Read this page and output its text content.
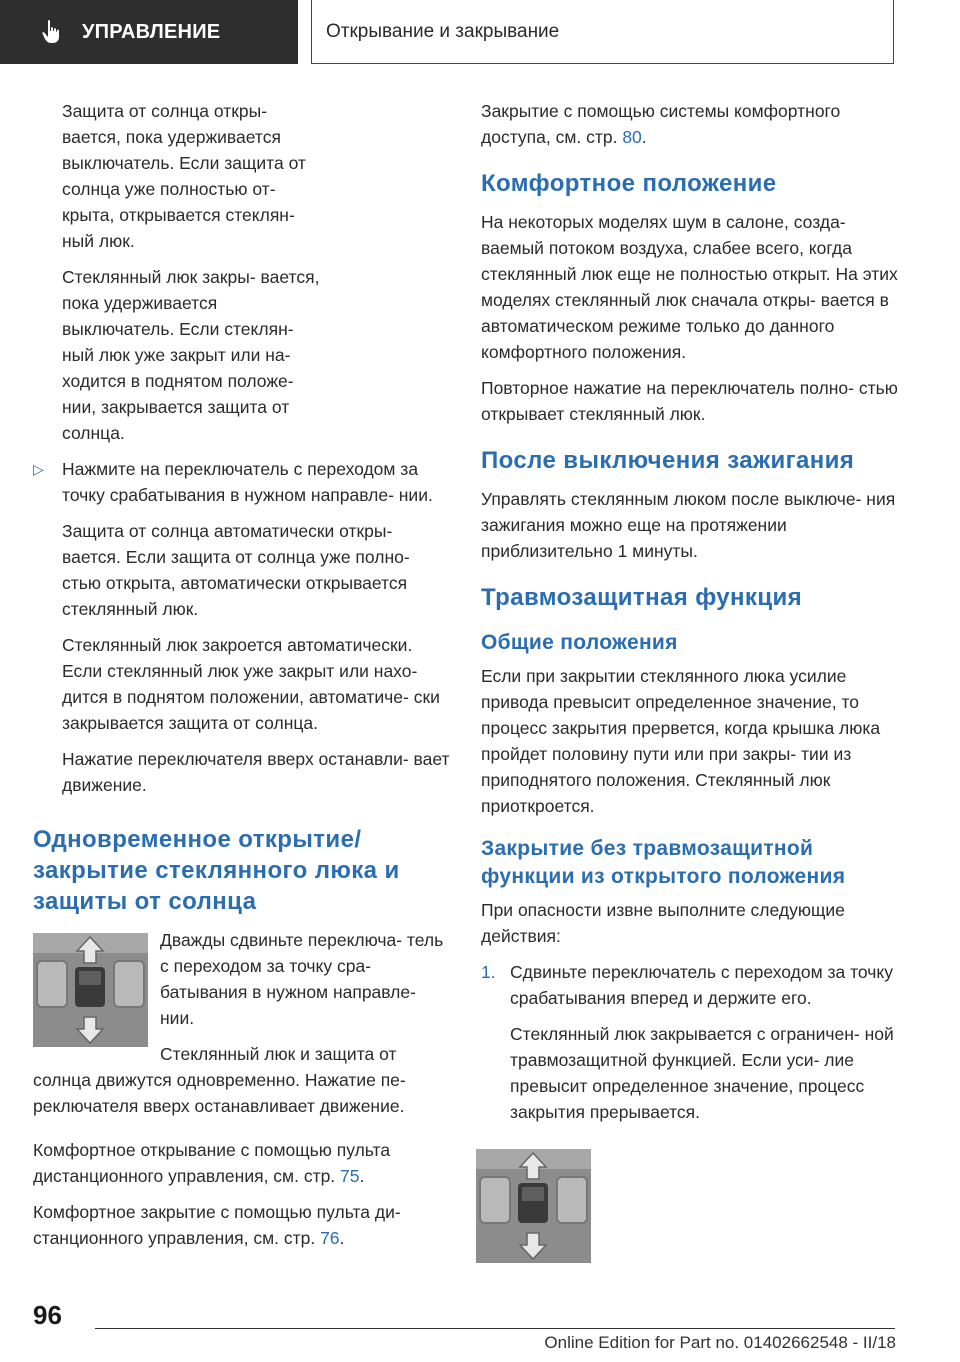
УПРАВЛЕНИЕ	Открывание и закрывание

Защита от солнца откры- вается, пока удерживается выключатель. Если защита от солнца уже полностью от- крыта, открывается стеклян- ный люк.

Стеклянный люк закры- вается, пока удерживается выключатель. Если стеклян- ный люк уже закрыт или на- ходится в поднятом положе- нии, закрывается защита от солнца.

▷	Нажмите на переключатель с переходом за точку срабатывания в нужном направле- нии.

Защита от солнца автоматически откры- вается. Если защита от солнца уже полно- стью открыта, автоматически открывается стеклянный люк.

Стеклянный люк закроется автоматически. Если стеклянный люк уже закрыт или нахо- дится в поднятом положении, автоматиче- ски закрывается защита от солнца.

Нажатие переключателя вверх останавли- вает движение.

Одновременное открытие/ закрытие стеклянного люка и защиты от солнца

Дважды сдвиньте переключа- тель с переходом за точку сра- батывания в нужном направле- нии.

Стеклянный люк и защита от солнца движутся одновременно. Нажатие пе- реключателя вверх останавливает движение.

Комфортное открывание с помощью пульта дистанционного управления, см. стр. 75.

Комфортное закрытие с помощью пульта ди- станционного управления, см. стр. 76.

Закрытие с помощью системы комфортного доступа, см. стр. 80.

Комфортное положение

На некоторых моделях шум в салоне, созда- ваемый потоком воздуха, слабее всего, когда стеклянный люк еще не полностью открыт. На этих моделях стеклянный люк сначала откры- вается в автоматическом режиме только до данного комфортного положения.

Повторное нажатие на переключатель полно- стью открывает стеклянный люк.

После выключения зажигания

Управлять стеклянным люком после выключе- ния зажигания можно еще на протяжении приблизительно 1 минуты.

Травмозащитная функция
Общие положения

Если при закрытии стеклянного люка усилие привода превысит определенное значение, то процесс закрытия прервется, когда крышка люка пройдет половину пути или при закры- тии из приподнятого положения. Стеклянный люк приоткроется.

Закрытие без травмозащитной функции из открытого положения

При опасности извне выполните следующие действия:

1. Сдвиньте переключатель с переходом за точку срабатывания вперед и держите его.

Стеклянный люк закрывается с ограничен- ной травмозащитной функцией. Если уси- лие превысит определенное значение, процесс закрытия прерывается.

96
Online Edition for Part no. 01402662548 - II/18
